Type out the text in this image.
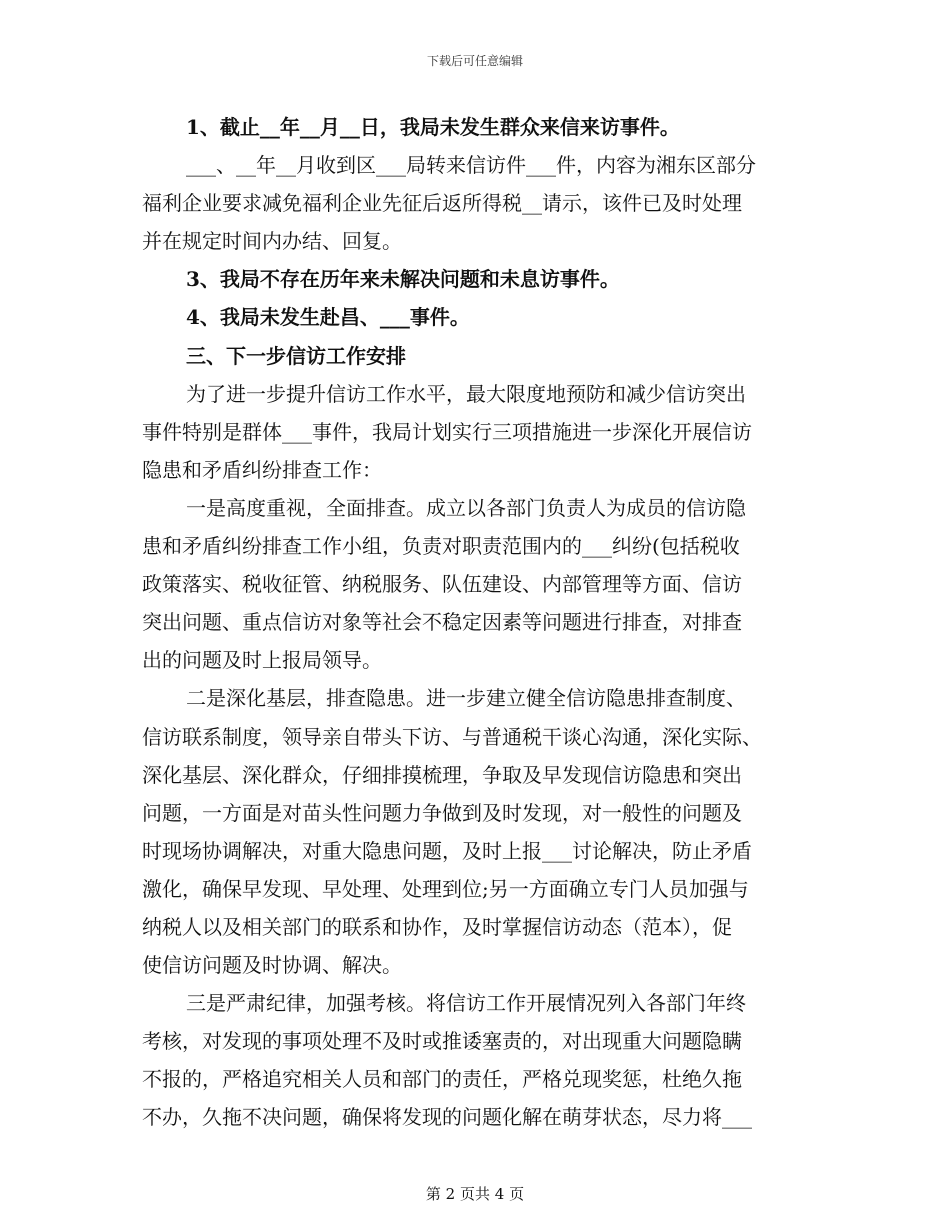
下载后可任意编辑
1、截止__年__月__日，我局未发生群众来信来访事件。
___、__年__月收到区___局转来信访件___件，内容为湘东区部分
福利企业要求减免福利企业先征后返所得税__请示，该件已及时处理
并在规定时间内办结、回复。
3、我局不存在历年来未解决问题和未息访事件。
4、我局未发生赴昌、___事件。
三、下一步信访工作安排
为了进一步提升信访工作水平，最大限度地预防和减少信访突出
事件特别是群体___事件，我局计划实行三项措施进一步深化开展信访
隐患和矛盾纠纷排查工作：
一是高度重视，全面排查。成立以各部门负责人为成员的信访隐
患和矛盾纠纷排查工作小组，负责对职责范围内的___纠纷(包括税收
政策落实、税收征管、纳税服务、队伍建设、内部管理等方面、信访
突出问题、重点信访对象等社会不稳定因素等问题进行排查，对排查
出的问题及时上报局领导。
二是深化基层，排查隐患。进一步建立健全信访隐患排查制度、
信访联系制度，领导亲自带头下访、与普通税干谈心沟通，深化实际、
深化基层、深化群众，仔细排摸梳理，争取及早发现信访隐患和突出
问题，一方面是对苗头性问题力争做到及时发现，对一般性的问题及
时现场协调解决，对重大隐患问题，及时上报___讨论解决，防止矛盾
激化，确保早发现、早处理、处理到位;另一方面确立专门人员加强与
纳税人以及相关部门的联系和协作，及时掌握信访动态（范本），促
使信访问题及时协调、解决。
三是严肃纪律，加强考核。将信访工作开展情况列入各部门年终
考核，对发现的事项处理不及时或推诿塞责的，对出现重大问题隐瞒
不报的，严格追究相关人员和部门的责任，严格兑现奖惩，杜绝久拖
不办，久拖不决问题，确保将发现的问题化解在萌芽状态，尽力将___
第 2 页共 4 页
